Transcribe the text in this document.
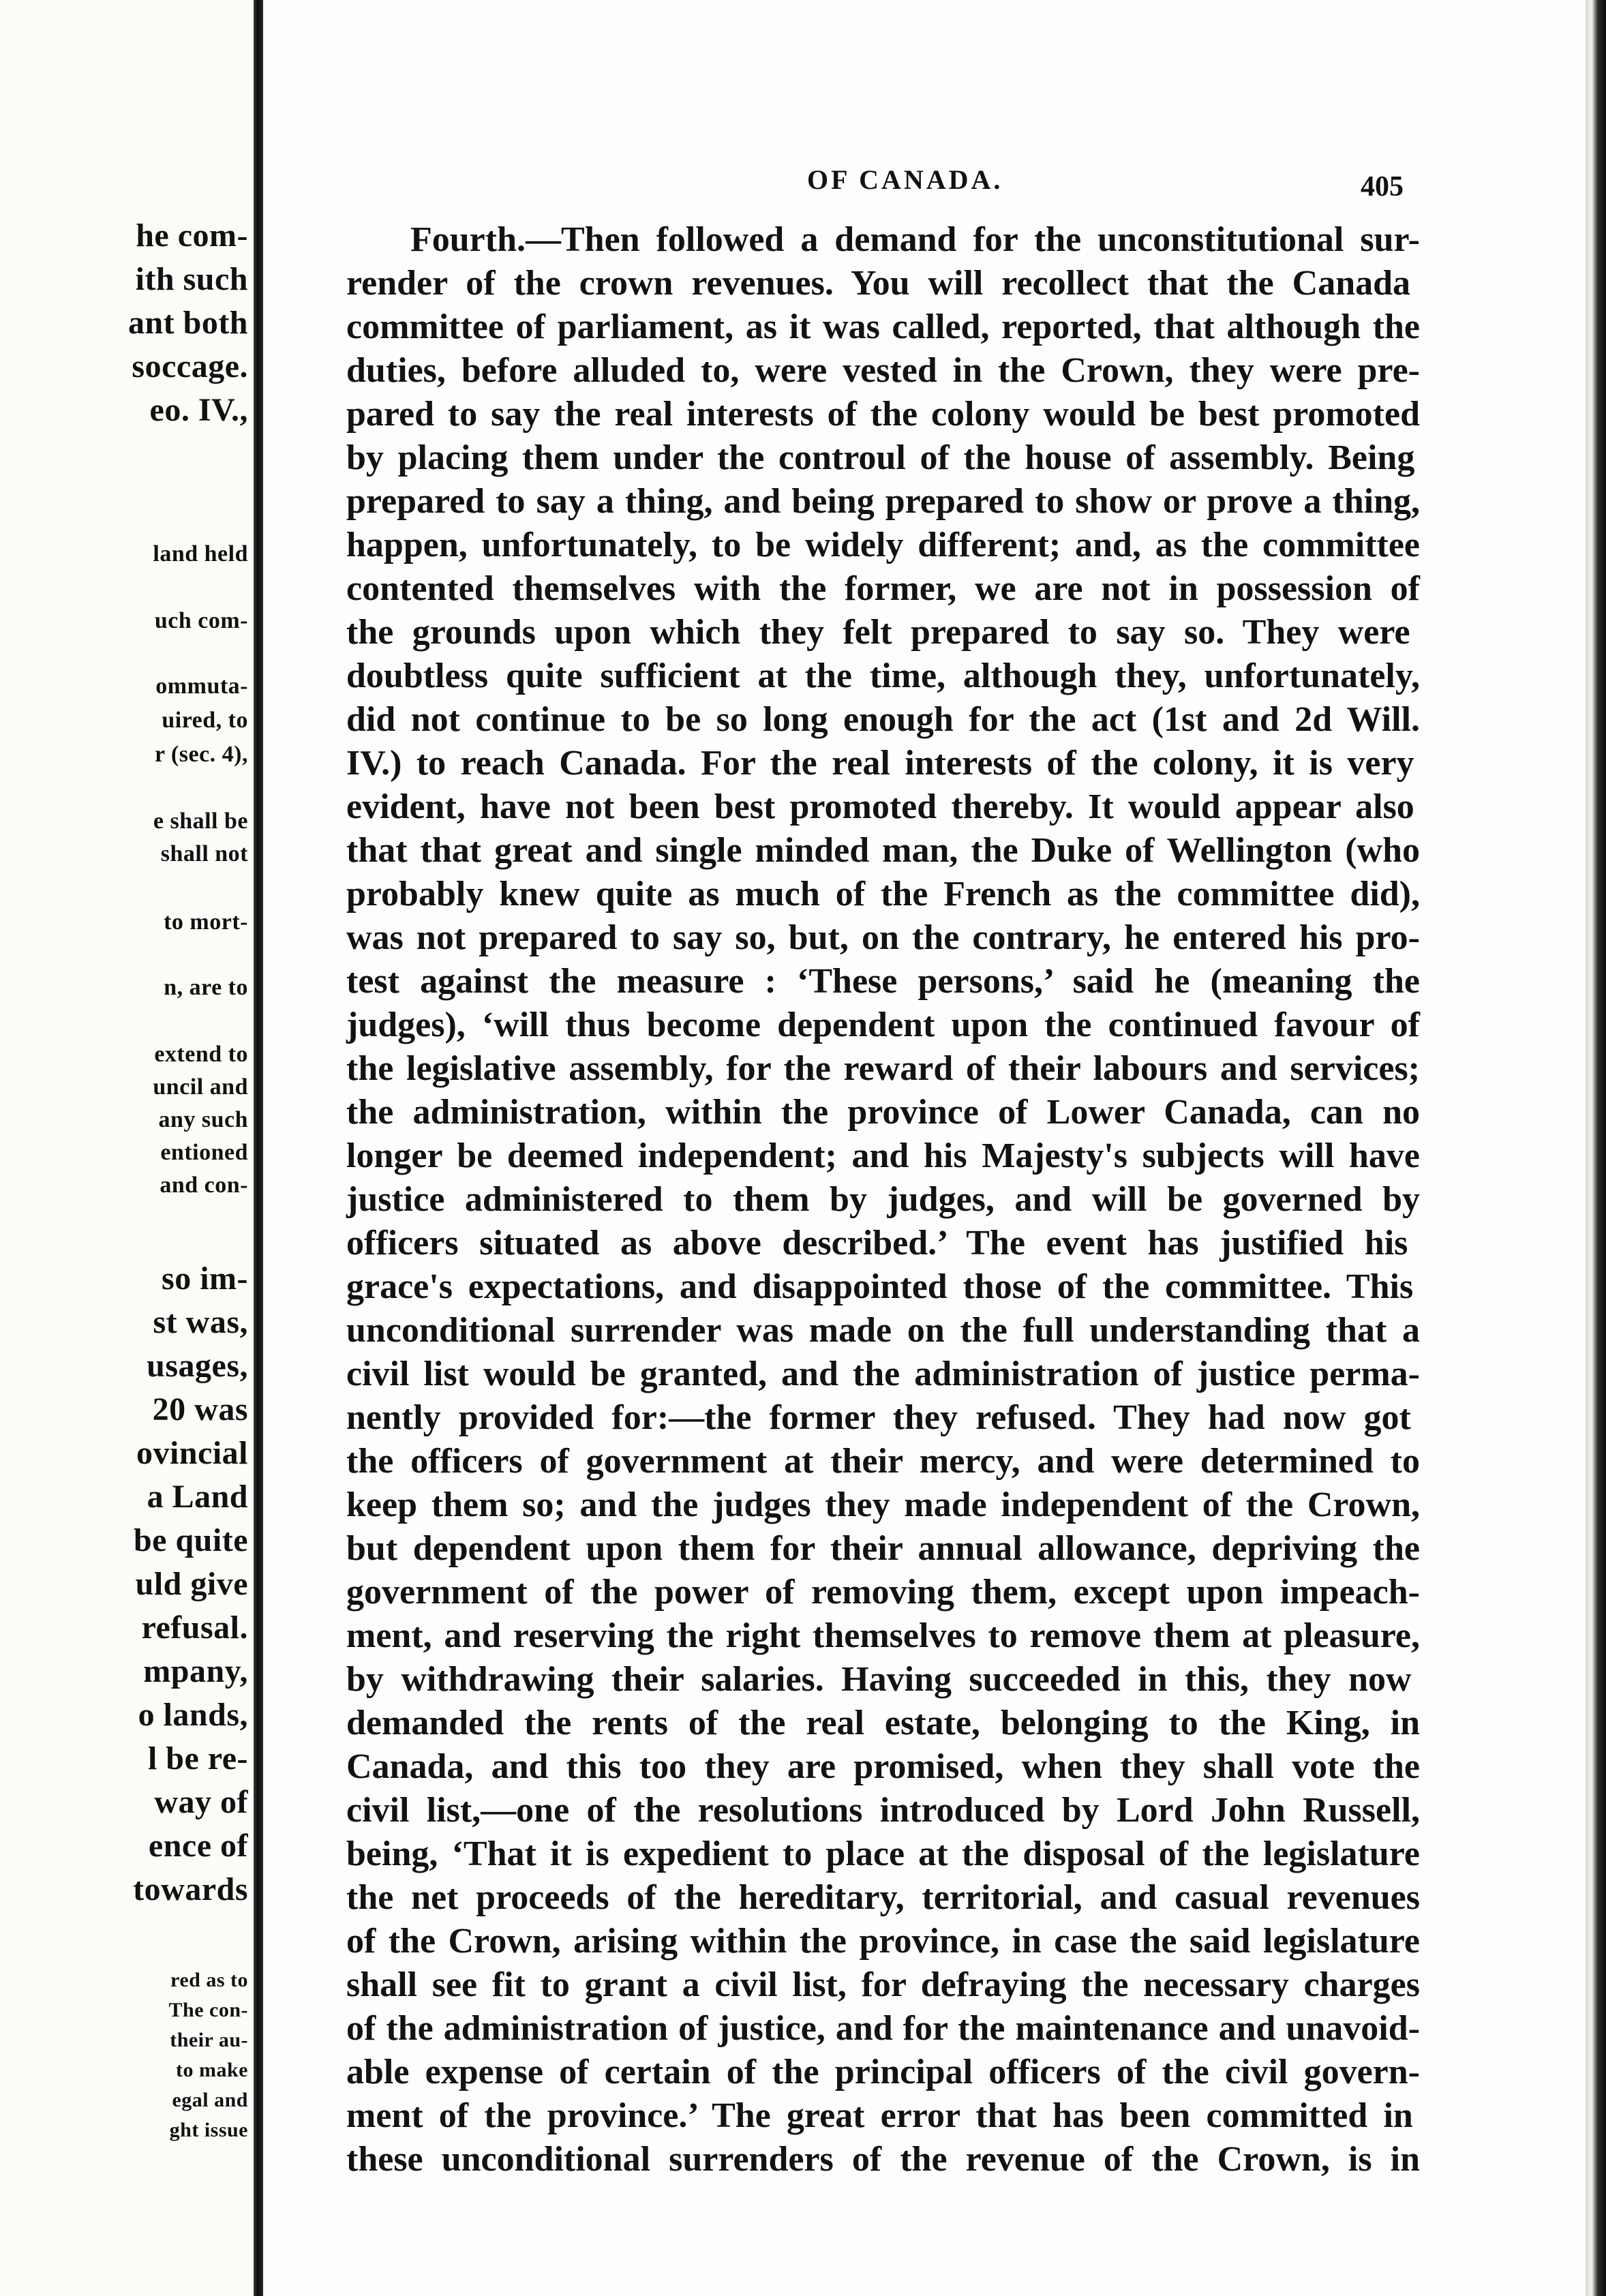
he com-
ith such
ant both
soccage.
eo. IV.,
land held
uch com-
ommuta-
uired, to
r (sec. 4),
e shall be
shall not
to mort-
n, are to
extend to
uncil and
any such
entioned
and con-
so im-
st was,
usages,
20 was
ovincial
a Land
be quite
uld give
refusal.
mpany,
o lands,
l be re-
way of
ence of
towards
red as to
The con-
their au-
to make
egal and
ght issue
OF CANADA.	405
Fourth.—Then followed a demand for the unconstitutional sur-
render of the crown revenues. You will recollect that the Canada
committee of parliament, as it was called, reported, that although the
duties, before alluded to, were vested in the Crown, they were pre-
pared to say the real interests of the colony would be best promoted
by placing them under the controul of the house of assembly. Being
prepared to say a thing, and being prepared to show or prove a thing,
happen, unfortunately, to be widely different; and, as the committee
contented themselves with the former, we are not in possession of
the grounds upon which they felt prepared to say so. They were
doubtless quite sufficient at the time, although they, unfortunately,
did not continue to be so long enough for the act (1st and 2d Will.
IV.) to reach Canada. For the real interests of the colony, it is very
evident, have not been best promoted thereby. It would appear also
that that great and single minded man, the Duke of Wellington (who
probably knew quite as much of the French as the committee did),
was not prepared to say so, but, on the contrary, he entered his pro-
test against the measure : ‘These persons,’ said he (meaning the
judges), ‘will thus become dependent upon the continued favour of
the legislative assembly, for the reward of their labours and services;
the administration, within the province of Lower Canada, can no
longer be deemed independent; and his Majesty's subjects will have
justice administered to them by judges, and will be governed by
officers situated as above described.’ The event has justified his
grace's expectations, and disappointed those of the committee. This
unconditional surrender was made on the full understanding that a
civil list would be granted, and the administration of justice perma-
nently provided for:—the former they refused. They had now got
the officers of government at their mercy, and were determined to
keep them so; and the judges they made independent of the Crown,
but dependent upon them for their annual allowance, depriving the
government of the power of removing them, except upon impeach-
ment, and reserving the right themselves to remove them at pleasure,
by withdrawing their salaries. Having succeeded in this, they now
demanded the rents of the real estate, belonging to the King, in
Canada, and this too they are promised, when they shall vote the
civil list,—one of the resolutions introduced by Lord John Russell,
being, ‘That it is expedient to place at the disposal of the legislature
the net proceeds of the hereditary, territorial, and casual revenues
of the Crown, arising within the province, in case the said legislature
shall see fit to grant a civil list, for defraying the necessary charges
of the administration of justice, and for the maintenance and unavoid-
able expense of certain of the principal officers of the civil govern-
ment of the province.’ The great error that has been committed in
these unconditional surrenders of the revenue of the Crown, is in
